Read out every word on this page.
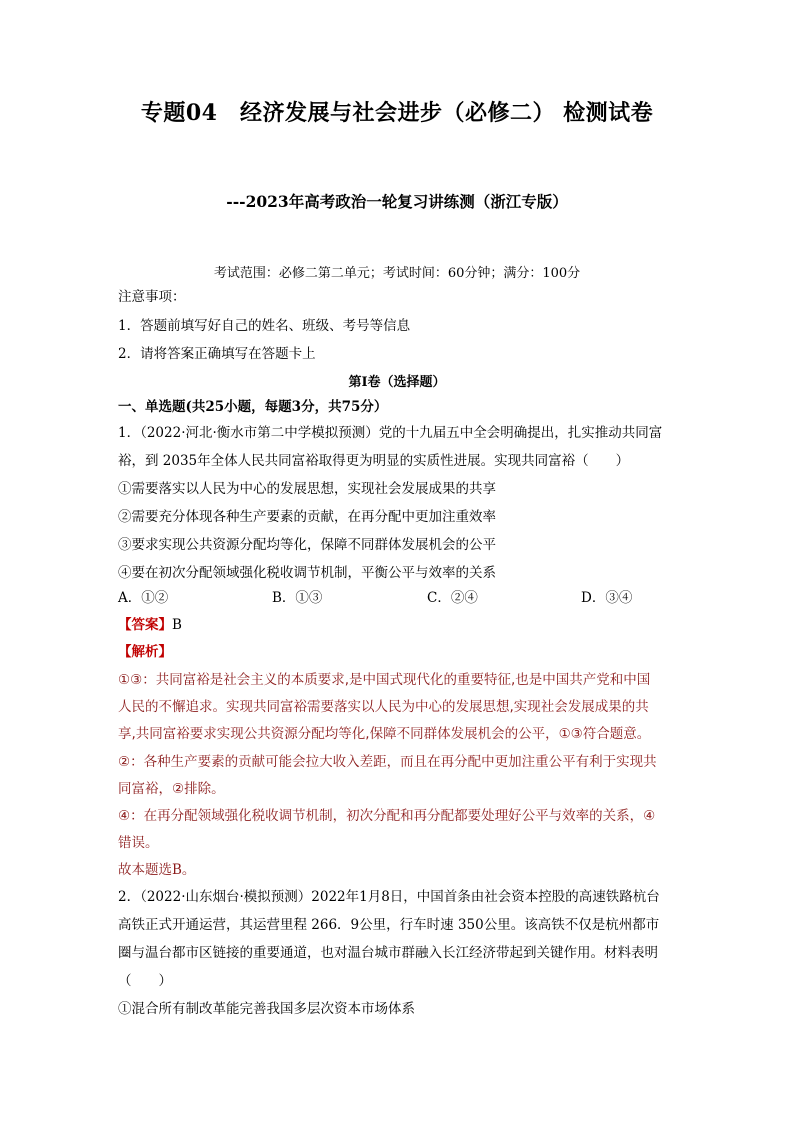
专题04　经济发展与社会进步（必修二） 检测试卷
---2023年高考政治一轮复习讲练测（浙江专版）
考试范围：必修二第二单元；考试时间：60分钟；满分：100分
注意事项：
1．答题前填写好自己的姓名、班级、考号等信息
2．请将答案正确填写在答题卡上
第I卷（选择题）
一、单选题(共25小题，每题3分，共75分）
1．（2022·河北·衡水市第二中学模拟预测）党的十九届五中全会明确提出，扎实推动共同富
裕，到 2035年全体人民共同富裕取得更为明显的实质性进展。实现共同富裕（　　）
①需要落实以人民为中心的发展思想，实现社会发展成果的共享
②需要充分体现各种生产要素的贡献，在再分配中更加注重效率
③要求实现公共资源分配均等化，保障不同群体发展机会的公平
④要在初次分配领域强化税收调节机制，平衡公平与效率的关系
A．①②	B．①③	C．②④	D．③④
【答案】B
【解析】
①③：共同富裕是社会主义的本质要求,是中国式现代化的重要特征,也是中国共产党和中国
人民的不懈追求。实现共同富裕需要落实以人民为中心的发展思想,实现社会发展成果的共
享,共同富裕要求实现公共资源分配均等化,保障不同群体发展机会的公平，①③符合题意。
②：各种生产要素的贡献可能会拉大收入差距，而且在再分配中更加注重公平有利于实现共
同富裕，②排除。
④：在再分配领域强化税收调节机制，初次分配和再分配都要处理好公平与效率的关系，④
错误。
故本题选B。
2．（2022·山东烟台·模拟预测）2022年1月8日，中国首条由社会资本控股的高速铁路杭台
高铁正式开通运营，其运营里程 266．9公里，行车时速 350公里。该高铁不仅是杭州都市
圈与温台都市区链接的重要通道，也对温台城市群融入长江经济带起到关键作用。材料表明
（　　）
①混合所有制改革能完善我国多层次资本市场体系
